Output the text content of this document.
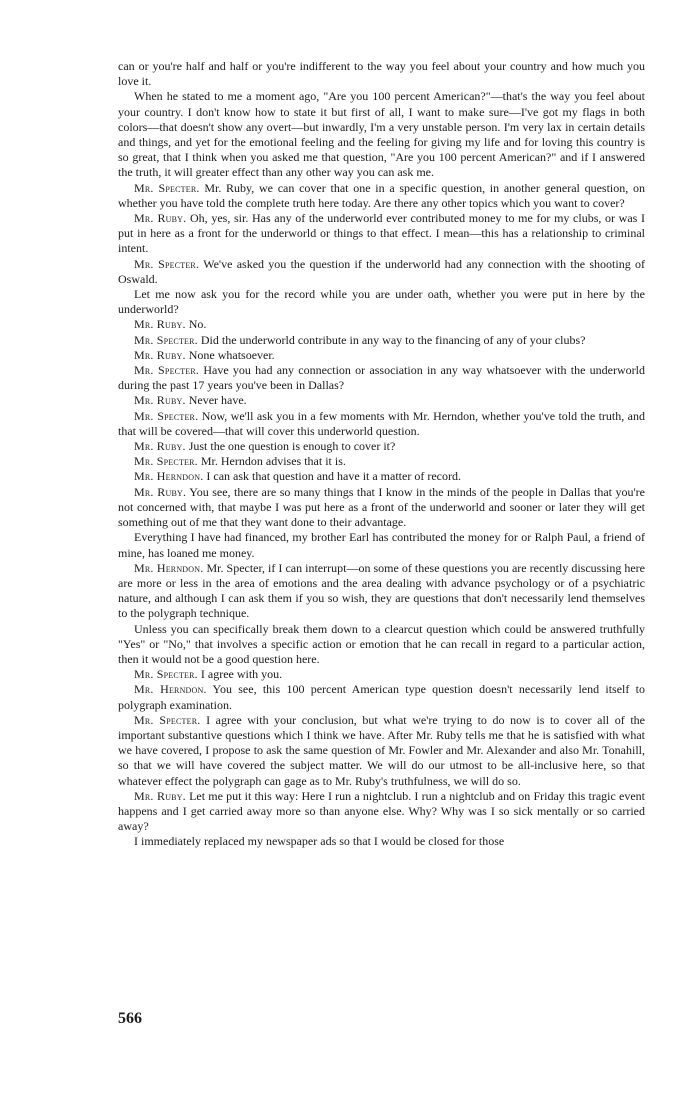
can or you're half and half or you're indifferent to the way you feel about your country and how much you love it.

When he stated to me a moment ago, "Are you 100 percent American?"—that's the way you feel about your country. I don't know how to state it but first of all, I want to make sure—I've got my flags in both colors—that doesn't show any overt—but inwardly, I'm a very unstable person. I'm very lax in certain details and things, and yet for the emotional feeling and the feeling for giving my life and for loving this country is so great, that I think when you asked me that question, "Are you 100 percent American?" and if I answered the truth, it will greater effect than any other way you can ask me.

Mr. Specter. Mr. Ruby, we can cover that one in a specific question, in another general question, on whether you have told the complete truth here today. Are there any other topics which you want to cover?

Mr. Ruby. Oh, yes, sir. Has any of the underworld ever contributed money to me for my clubs, or was I put in here as a front for the underworld or things to that effect. I mean—this has a relationship to criminal intent.

Mr. Specter. We've asked you the question if the underworld had any connection with the shooting of Oswald.

Let me now ask you for the record while you are under oath, whether you were put in here by the underworld?

Mr. Ruby. No.

Mr. Specter. Did the underworld contribute in any way to the financing of any of your clubs?

Mr. Ruby. None whatsoever.

Mr. Specter. Have you had any connection or association in any way whatsoever with the underworld during the past 17 years you've been in Dallas?

Mr. Ruby. Never have.

Mr. Specter. Now, we'll ask you in a few moments with Mr. Herndon, whether you've told the truth, and that will be covered—that will cover this underworld question.

Mr. Ruby. Just the one question is enough to cover it?

Mr. Specter. Mr. Herndon advises that it is.

Mr. Herndon. I can ask that question and have it a matter of record.

Mr. Ruby. You see, there are so many things that I know in the minds of the people in Dallas that you're not concerned with, that maybe I was put here as a front of the underworld and sooner or later they will get something out of me that they want done to their advantage.

Everything I have had financed, my brother Earl has contributed the money for or Ralph Paul, a friend of mine, has loaned me money.

Mr. Herndon. Mr. Specter, if I can interrupt—on some of these questions you are recently discussing here are more or less in the area of emotions and the area dealing with advance psychology or of a psychiatric nature, and although I can ask them if you so wish, they are questions that don't necessarily lend themselves to the polygraph technique.

Unless you can specifically break them down to a clearcut question which could be answered truthfully "Yes" or "No," that involves a specific action or emotion that he can recall in regard to a particular action, then it would not be a good question here.

Mr. Specter. I agree with you.

Mr. Herndon. You see, this 100 percent American type question doesn't necessarily lend itself to polygraph examination.

Mr. Specter. I agree with your conclusion, but what we're trying to do now is to cover all of the important substantive questions which I think we have. After Mr. Ruby tells me that he is satisfied with what we have covered, I propose to ask the same question of Mr. Fowler and Mr. Alexander and also Mr. Tonahill, so that we will have covered the subject matter. We will do our utmost to be all-inclusive here, so that whatever effect the polygraph can gage as to Mr. Ruby's truthfulness, we will do so.

Mr. Ruby. Let me put it this way: Here I run a nightclub. I run a nightclub and on Friday this tragic event happens and I get carried away more so than anyone else. Why? Why was I so sick mentally or so carried away?

I immediately replaced my newspaper ads so that I would be closed for those

566
